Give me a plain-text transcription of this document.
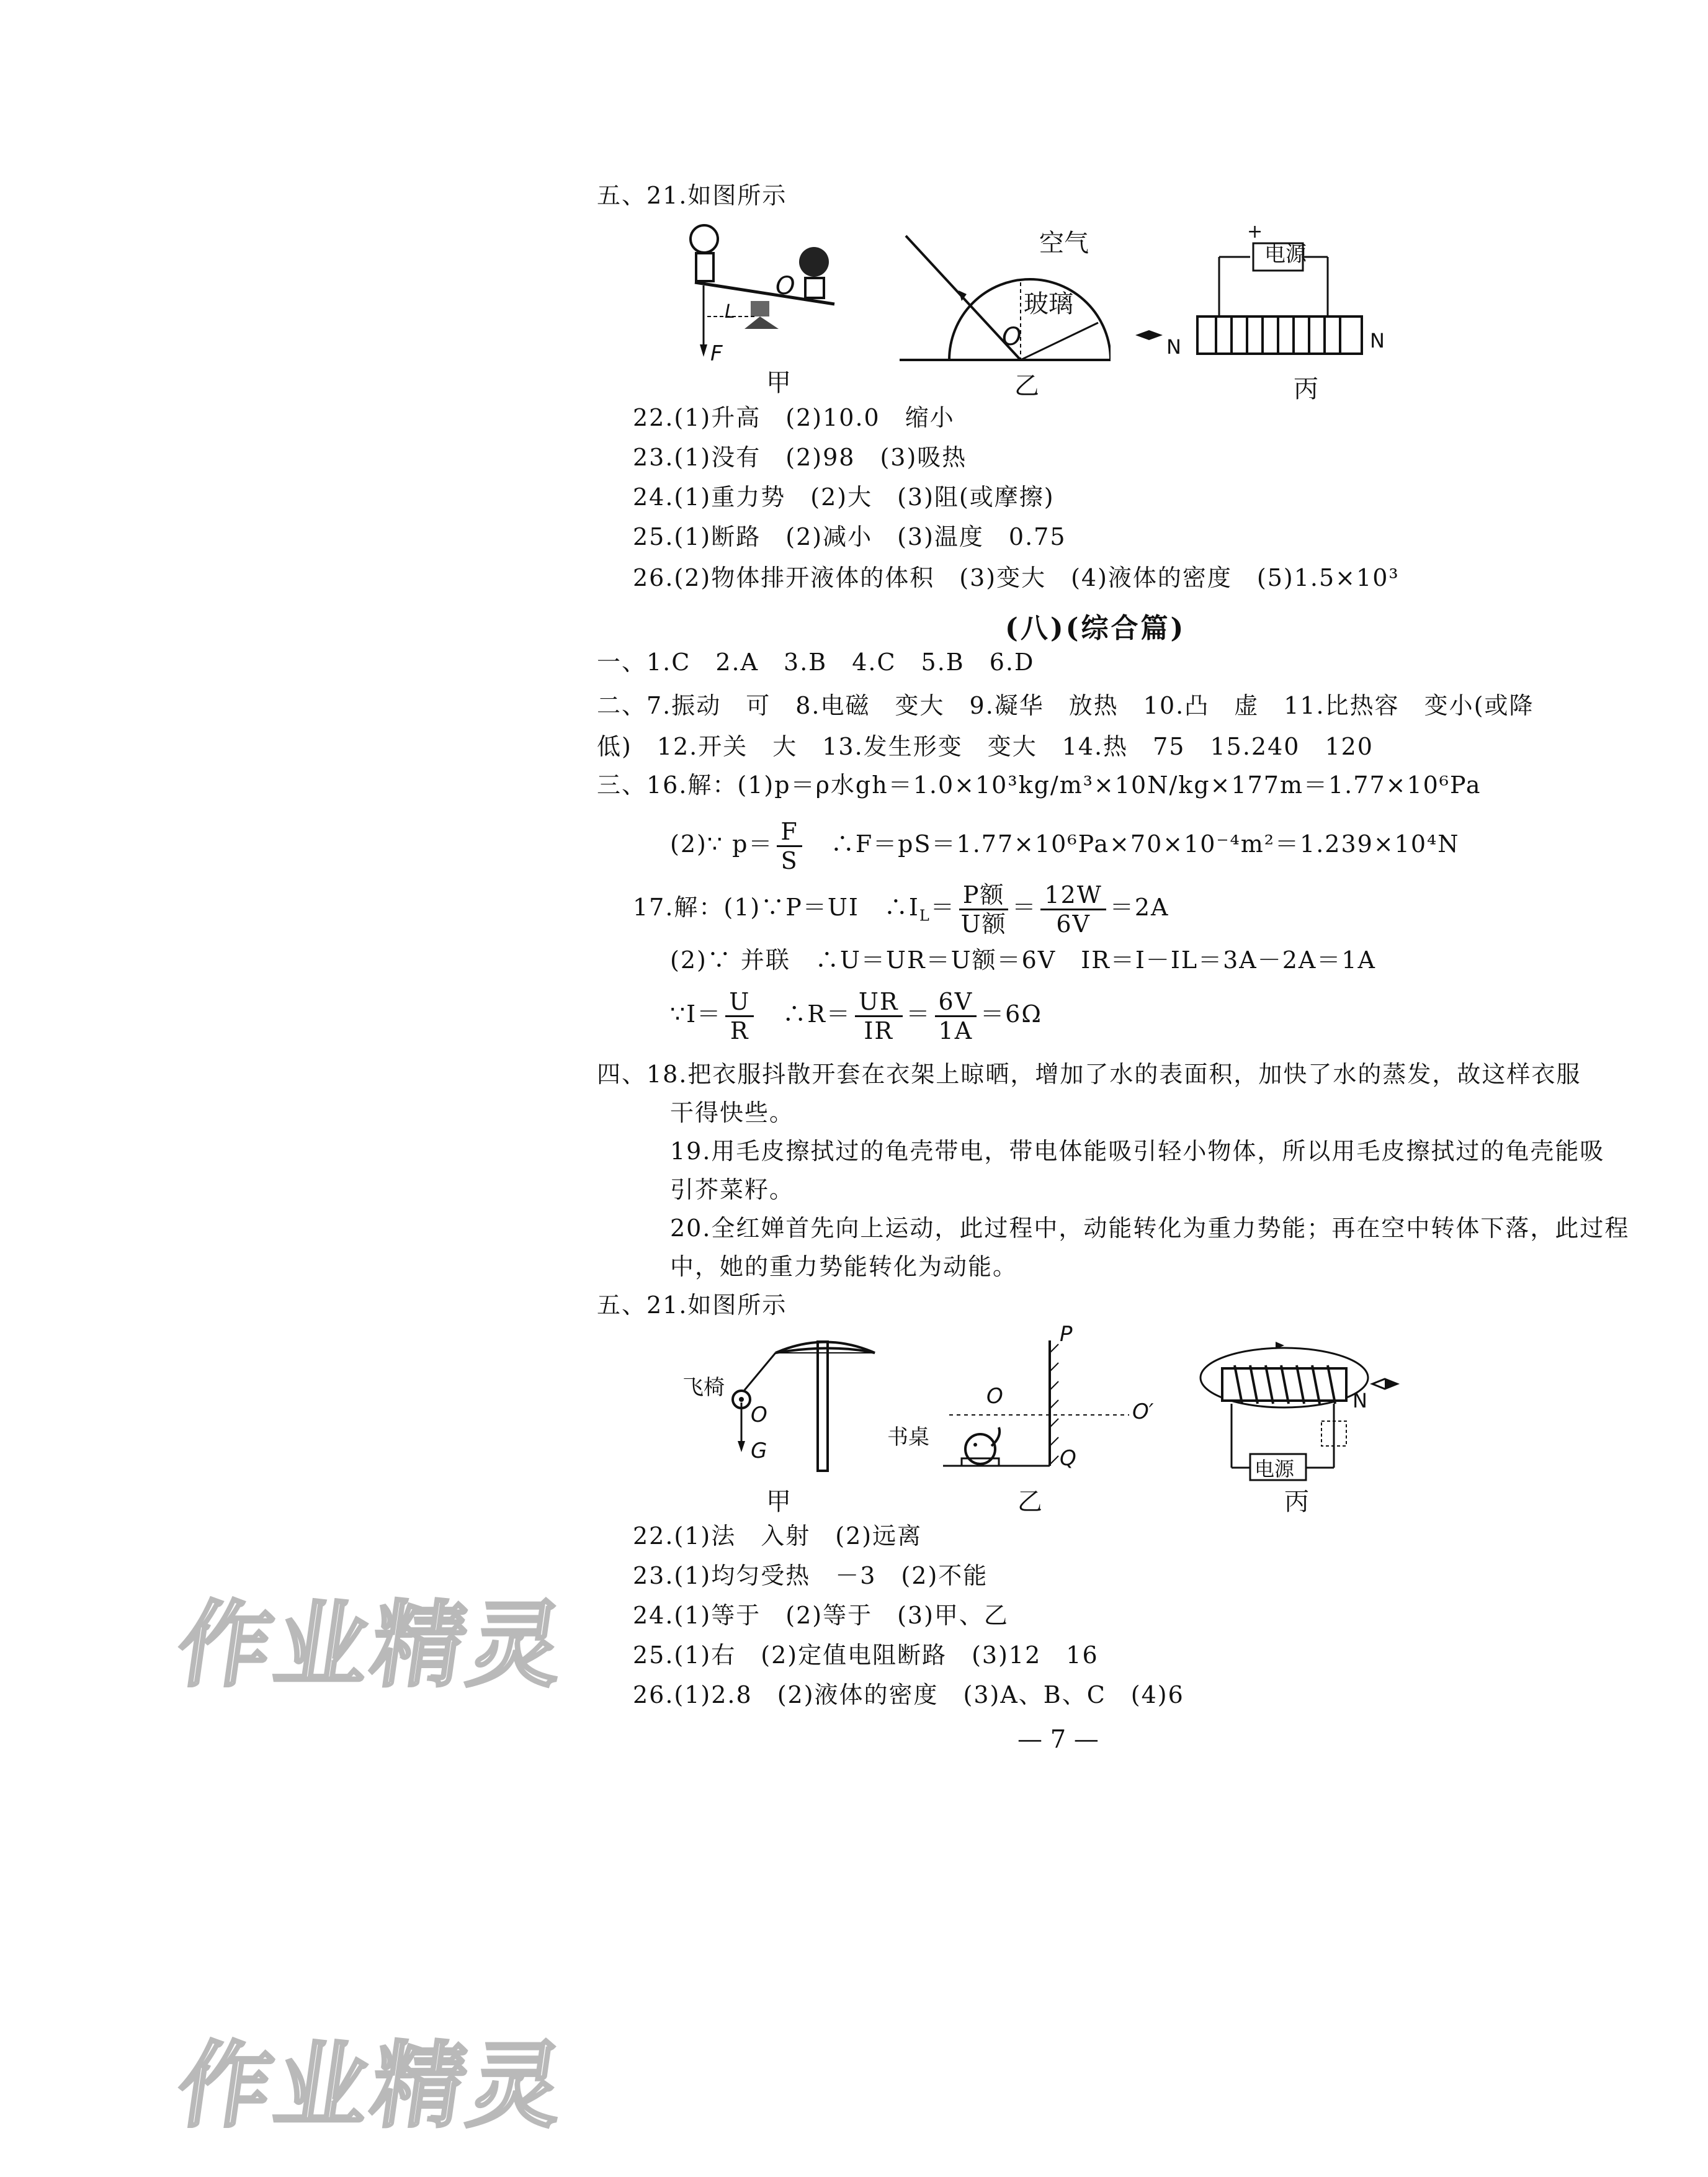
五、21.如图所示
O
L
F
甲
空气
玻璃
O
乙
电源
+
N	N
丙
22.(1)升高　(2)10.0　缩小
23.(1)没有　(2)98　(3)吸热
24.(1)重力势　(2)大　(3)阻(或摩擦)
25.(1)断路　(2)减小　(3)温度　0.75
26.(2)物体排开液体的体积　(3)变大　(4)液体的密度　(5)1.5×10³
(八)(综合篇)
一、1.C　2.A　3.B　4.C　5.B　6.D
二、7.振动　可　8.电磁　变大　9.凝华　放热　10.凸　虚　11.比热容　变小(或降
低)　12.开关　大　13.发生形变　变大　14.热　75　15.240　120
三、16.解：(1)p＝ρ水gh＝1.0×10³kg/m³×10N/kg×177m＝1.77×10⁶Pa
(2)∵ $p= \frac{F}{S}$
　 ∴F＝pS＝1.77×10⁶Pa×70×10⁻⁴m²＝1.239×10⁴N
17.解：(1)∵P＝UI　$\therefore I_L= \frac{\text{P额}}{\text{U额}} = \frac{12W}{6V} =2A$
(2)∵ 并联　∴U＝UR＝U额＝6V　IR＝I－IL＝3A－2A＝1A
∵I＝ $\frac{U}{R}$
　 ∴R＝ $\frac{UR}{IR} = \frac{6V}{1A} =6\Omega$
四、18.把衣服抖散开套在衣架上晾晒，增加了水的表面积，加快了水的蒸发，故这样衣服
干得快些。
19.用毛皮擦拭过的龟壳带电，带电体能吸引轻小物体，所以用毛皮擦拭过的龟壳能吸
引芥菜籽。
20.全红婵首先向上运动，此过程中，动能转化为重力势能；再在空中转体下落，此过程
中，她的重力势能转化为动能。
五、21.如图所示
飞椅
O
G
甲
书桌
P
Q
O
O′
乙
电源
N
丙
22.(1)法　入射　(2)远离
23.(1)均匀受热　－3　(2)不能
24.(1)等于　(2)等于　(3)甲、乙
25.(1)右　(2)定值电阻断路　(3)12　16
26.(1)2.8　(2)液体的密度　(3)A、B、C　(4)6
— 7 —
作业精灵
作业精灵
